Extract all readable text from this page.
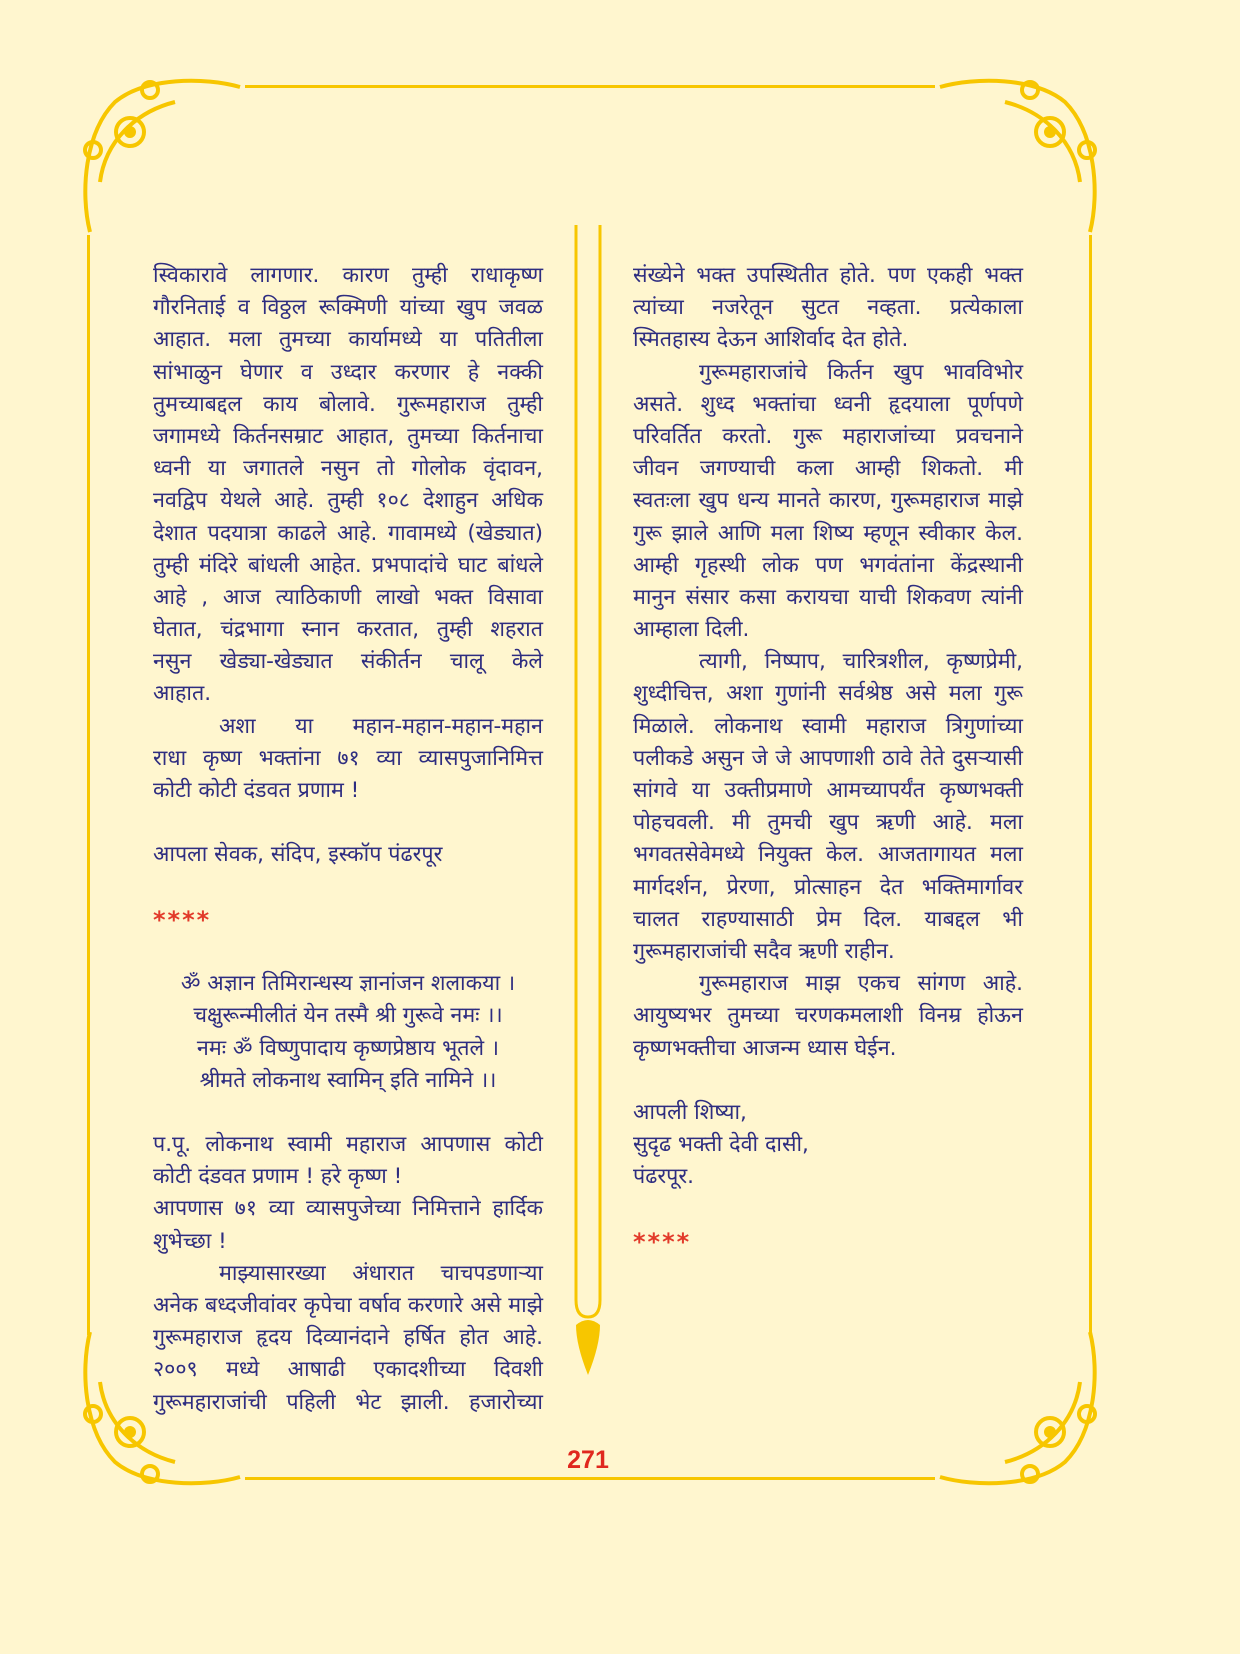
स्विकारावे लागणार. कारण तुम्ही राधाकृष्ण
गौरनिताई व विठ्ठल रूक्मिणी यांच्या खुप जवळ
आहात. मला तुमच्या कार्यामध्ये या पतितीला
सांभाळुन घेणार व उध्दार करणार हे नक्की
तुमच्याबद्दल काय बोलावे. गुरूमहाराज तुम्ही
जगामध्ये किर्तनसम्राट आहात, तुमच्या किर्तनाचा
ध्वनी या जगातले नसुन तो गोलोक वृंदावन,
नवद्विप येथले आहे. तुम्ही १०८ देशाहुन अधिक
देशात पदयात्रा काढले आहे. गावामध्ये (खेड्यात)
तुम्ही मंदिरे बांधली आहेत. प्रभपादांचे घाट बांधले
आहे , आज त्याठिकाणी लाखो भक्त विसावा
घेतात, चंद्रभागा स्नान करतात, तुम्ही शहरात
नसुन खेड्या-खेड्यात संकीर्तन चालू केले
आहात.
अशा या महान-महान-महान-महान
राधा कृष्ण भक्तांना ७१ व्या व्यासपुजानिमित्त
कोटी कोटी दंडवत प्रणाम !
आपला सेवक, संदिप, इस्कॉप पंढरपूर
****
ॐ अज्ञान तिमिरान्धस्य ज्ञानांजन शलाकया ।
चक्षुरून्मीलीतं येन तस्मै श्री गुरूवे नमः ।।
नमः ॐ विष्णुपादाय कृष्णप्रेष्ठाय भूतले ।
श्रीमते लोकनाथ स्वामिन् इति नामिने ।।
प.पू. लोकनाथ स्वामी महाराज आपणास कोटी
कोटी दंडवत प्रणाम ! हरे कृष्ण !
आपणास ७१ व्या व्यासपुजेच्या निमित्ताने हार्दिक
शुभेच्छा !
माझ्यासारख्या अंधारात चाचपडणाऱ्या
अनेक बध्दजीवांवर कृपेचा वर्षाव करणारे असे माझे
गुरूमहाराज हृदय दिव्यानंदाने हर्षित होत आहे.
२००९ मध्ये आषाढी एकादशीच्या दिवशी
गुरूमहाराजांची पहिली भेट झाली. हजारोच्या
संख्येने भक्त उपस्थितीत होते. पण एकही भक्त
त्यांच्या नजरेतून सुटत नव्हता. प्रत्येकाला
स्मितहास्य देऊन आशिर्वाद देत होते.
गुरूमहाराजांचे किर्तन खुप भावविभोर
असते. शुध्द भक्तांचा ध्वनी हृदयाला पूर्णपणे
परिवर्तित करतो. गुरू महाराजांच्या प्रवचनाने
जीवन जगण्याची कला आम्ही शिकतो. मी
स्वतःला खुप धन्य मानते कारण, गुरूमहाराज माझे
गुरू झाले आणि मला शिष्य म्हणून स्वीकार केल.
आम्ही गृहस्थी लोक पण भगवंतांना केंद्रस्थानी
मानुन संसार कसा करायचा याची शिकवण त्यांनी
आम्हाला दिली.
त्यागी, निष्पाप, चारित्रशील, कृष्णप्रेमी,
शुध्दीचित्त, अशा गुणांनी सर्वश्रेष्ठ असे मला गुरू
मिळाले. लोकनाथ स्वामी महाराज त्रिगुणांच्या
पलीकडे असुन जे जे आपणाशी ठावे तेते दुसऱ्यासी
सांगवे या उक्तीप्रमाणे आमच्यापर्यंत कृष्णभक्ती
पोहचवली. मी तुमची खुप ऋणी आहे. मला
भगवतसेवेमध्ये नियुक्त केल. आजतागायत मला
मार्गदर्शन, प्रेरणा, प्रोत्साहन देत भक्तिमार्गावर
चालत राहण्यासाठी प्रेम दिल. याबद्दल भी
गुरूमहाराजांची सदैव ऋणी राहीन.
गुरूमहाराज माझ एकच सांगण आहे.
आयुष्यभर तुमच्या चरणकमलाशी विनम्र होऊन
कृष्णभक्तीचा आजन्म ध्यास घेईन.
आपली शिष्या,
सुदृढ भक्ती देवी दासी,
पंढरपूर.
****
271
